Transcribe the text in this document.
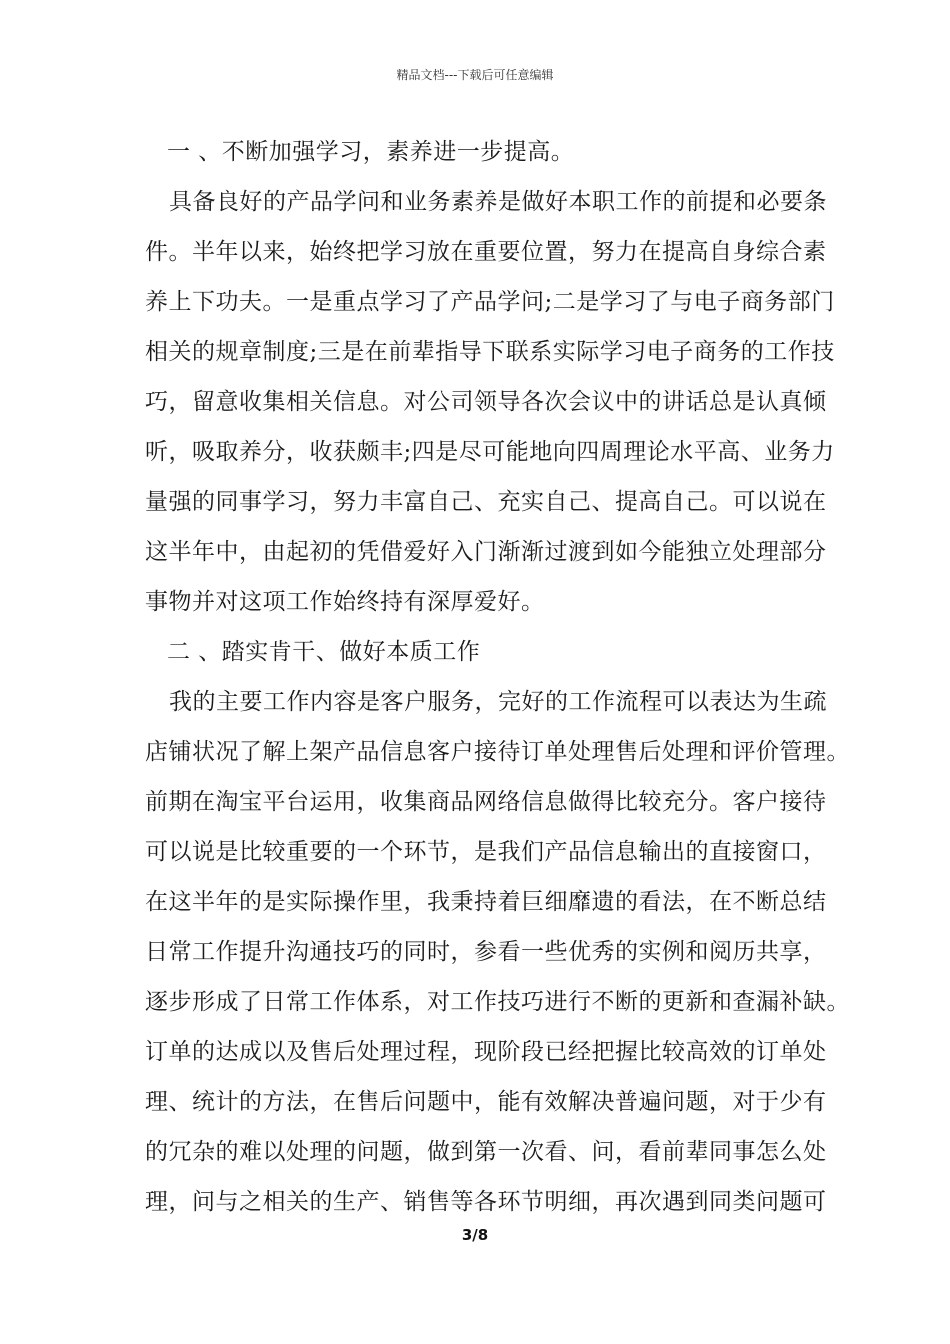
精品文档---下载后可任意编辑
一 、不断加强学习，素养进一步提高。
具备良好的产品学问和业务素养是做好本职工作的前提和必要条
件。半年以来，始终把学习放在重要位置，努力在提高自身综合素
养上下功夫。一是重点学习了产品学问;二是学习了与电子商务部门
相关的规章制度;三是在前辈指导下联系实际学习电子商务的工作技
巧，留意收集相关信息。对公司领导各次会议中的讲话总是认真倾
听，吸取养分，收获颇丰;四是尽可能地向四周理论水平高、业务力
量强的同事学习，努力丰富自己、充实自己、提高自己。可以说在
这半年中，由起初的凭借爱好入门渐渐过渡到如今能独立处理部分
事物并对这项工作始终持有深厚爱好。
二 、踏实肯干、做好本质工作
我的主要工作内容是客户服务，完好的工作流程可以表达为生疏
店铺状况了解上架产品信息客户接待订单处理售后处理和评价管理。
前期在淘宝平台运用，收集商品网络信息做得比较充分。客户接待
可以说是比较重要的一个环节，是我们产品信息输出的直接窗口，
在这半年的是实际操作里，我秉持着巨细靡遗的看法，在不断总结
日常工作提升沟通技巧的同时，参看一些优秀的实例和阅历共享，
逐步形成了日常工作体系，对工作技巧进行不断的更新和查漏补缺。
订单的达成以及售后处理过程，现阶段已经把握比较高效的订单处
理、统计的方法，在售后问题中，能有效解决普遍问题，对于少有
的冗杂的难以处理的问题，做到第一次看、问，看前辈同事怎么处
理，问与之相关的生产、销售等各环节明细，再次遇到同类问题可
3/8
